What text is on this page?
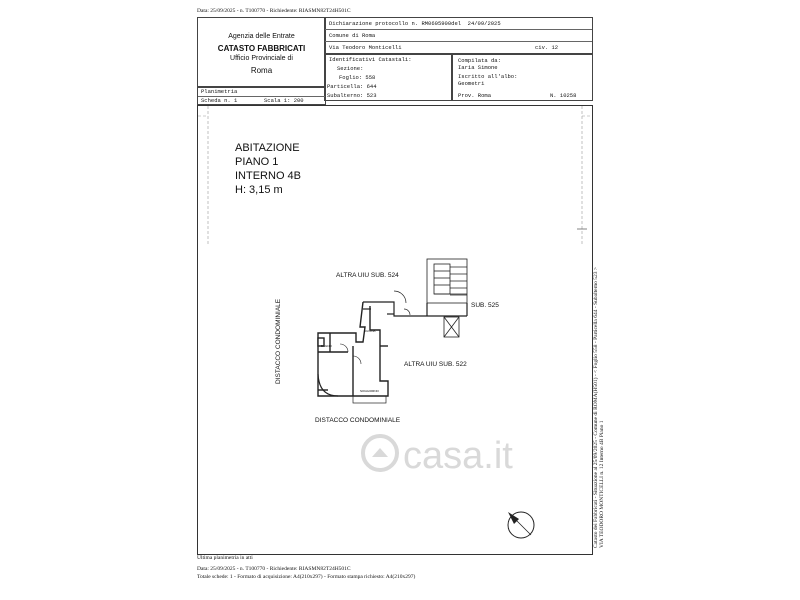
Data: 25/09/2025 - n. T100770 - Richiedente: RIASMN82T24H501C
Agenzia delle Entrate
CATASTO FABBRICATI
Ufficio Provinciale di
Roma
Dichiarazione protocollo n. RM0605900del 24/09/2025
Comune di Roma
Via Teodoro Monticelli	civ. 12
Identificativi Catastali:
Sezione:
Foglio: 558
Particella: 644
Subalterno: 523
Compilata da:
Iaria Simone
Iscritto all'albo:
Geometri
Prov. Roma	N. 10258
Planimetria
Scheda n. 1	Scala 1: 200
BAGNO
SOGGIORNO
CUCINA
ABITAZIONE
PIANO 1
INTERNO 4B
H: 3,15 m
ALTRA UIU SUB. 524
SUB. 525
ALTRA UIU SUB. 522
DISTACCO CONDOMINIALE
DISTACCO CONDOMINIALE
casa.it	Catasto dei Fabbricati - Situazione al 25/09/2025 - Comune di ROMA(H501) - < Foglio 558 - Particella 644 - Subalterno 523 > VIA TEODORO MONTICELLI n. 12 Interno 4B Piano 1
Ultima planimetria in atti
Data: 25/09/2025 - n. T100770 - Richiedente: RIASMN82T24H501C
Totale schede: 1 - Formato di acquisizione: A4(210x297) - Formato stampa richiesto: A4(210x297)
